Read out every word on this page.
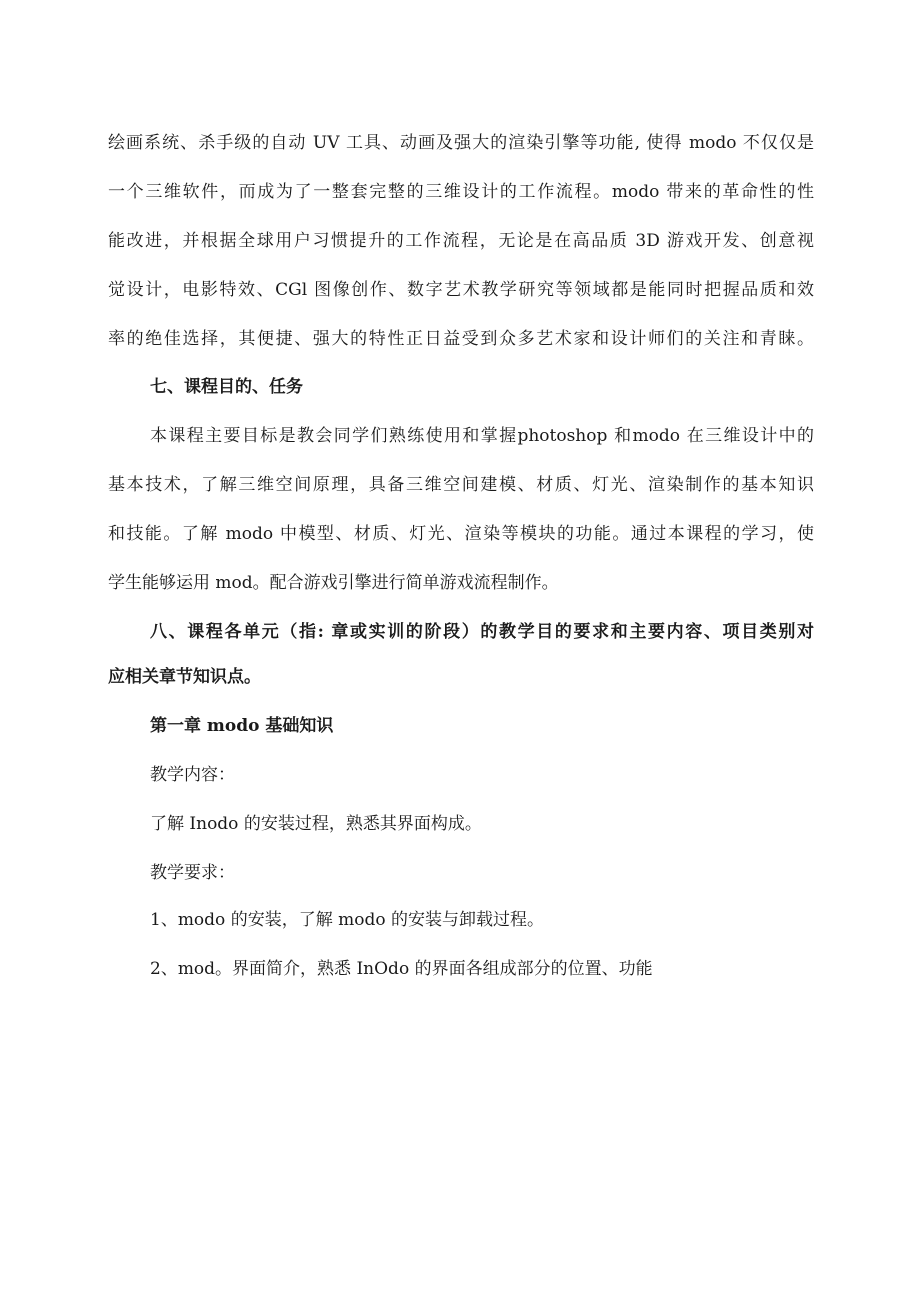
绘画系统、杀手级的自动 UV 工具、动画及强大的渲染引擎等功能, 使得 modo 不仅仅是
一个三维软件，而成为了一整套完整的三维设计的工作流程。modo 带来的革命性的性
能改进，并根据全球用户习惯提升的工作流程，无论是在高品质 3D 游戏开发、创意视
觉设计，电影特效、CGl 图像创作、数字艺术教学研究等领域都是能同时把握品质和效
率的绝佳选择，其便捷、强大的特性正日益受到众多艺术家和设计师们的关注和青睐。
七、课程目的、任务
本课程主要目标是教会同学们熟练使用和掌握photoshop 和modo 在三维设计中的
基本技术，了解三维空间原理，具备三维空间建模、材质、灯光、渲染制作的基本知识
和技能。了解 modo 中模型、材质、灯光、渲染等模块的功能。通过本课程的学习，使
学生能够运用 mod。配合游戏引擎进行简单游戏流程制作。
八、课程各单元（指: 章或实训的阶段）的教学目的要求和主要内容、项目类别对
应相关章节知识点。
第一章 modo 基础知识
教学内容：
了解 Inodo 的安装过程，熟悉其界面构成。
教学要求：
1、modo 的安装，了解 modo 的安装与卸载过程。
2、mod。界面简介，熟悉 InOdo 的界面各组成部分的位置、功能
